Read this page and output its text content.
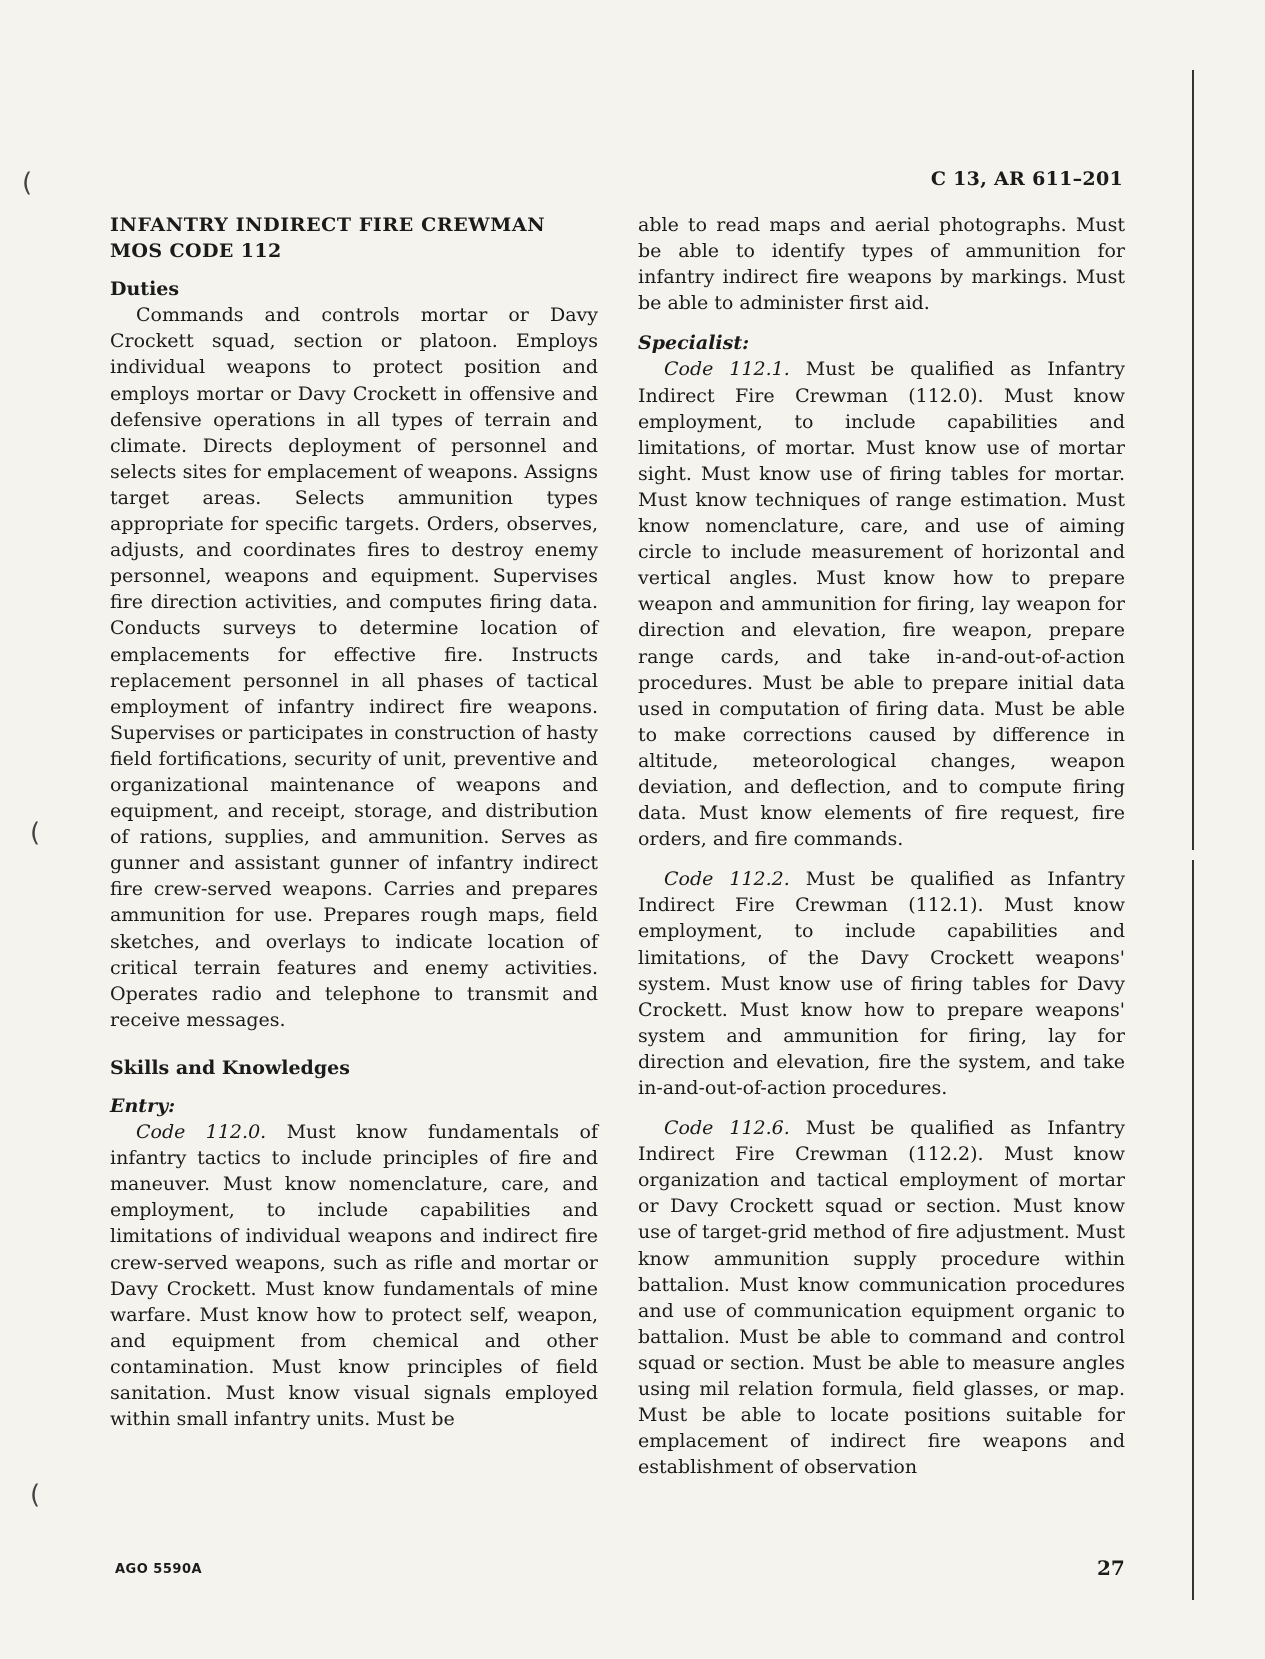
C 13, AR 611–201

INFANTRY INDIRECT FIRE CREWMAN

MOS CODE 112

Duties

Commands and controls mortar or Davy Crockett squad, section or platoon. Employs individual weapons to protect position and employs mortar or Davy Crockett in offensive and defensive operations in all types of terrain and climate. Directs deployment of personnel and selects sites for emplacement of weapons. Assigns target areas. Selects ammunition types appropriate for specific targets. Orders, observes, adjusts, and coordinates fires to destroy enemy personnel, weapons and equipment. Supervises fire direction activities, and computes firing data. Conducts surveys to determine location of emplacements for effective fire. Instructs replacement personnel in all phases of tactical employment of infantry indirect fire weapons. Supervises or participates in construction of hasty field fortifications, security of unit, preventive and organizational maintenance of weapons and equipment, and receipt, storage, and distribution of rations, supplies, and ammunition. Serves as gunner and assistant gunner of infantry indirect fire crew-served weapons. Carries and prepares ammunition for use. Prepares rough maps, field sketches, and overlays to indicate location of critical terrain features and enemy activities. Operates radio and telephone to transmit and receive messages.

Skills and Knowledges

Entry:

Code 112.0. Must know fundamentals of infantry tactics to include principles of fire and maneuver. Must know nomenclature, care, and employment, to include capabilities and limitations of individual weapons and indirect fire crew-served weapons, such as rifle and mortar or Davy Crockett. Must know fundamentals of mine warfare. Must know how to protect self, weapon, and equipment from chemical and other contamination. Must know principles of field sanitation. Must know visual signals employed within small infantry units. Must be

able to read maps and aerial photographs. Must be able to identify types of ammunition for infantry indirect fire weapons by markings. Must be able to administer first aid.

Specialist:

Code 112.1. Must be qualified as Infantry Indirect Fire Crewman (112.0). Must know employment, to include capabilities and limitations, of mortar. Must know use of mortar sight. Must know use of firing tables for mortar. Must know techniques of range estimation. Must know nomenclature, care, and use of aiming circle to include measurement of horizontal and vertical angles. Must know how to prepare weapon and ammunition for firing, lay weapon for direction and elevation, fire weapon, prepare range cards, and take in-and-out-of-action procedures. Must be able to prepare initial data used in computation of firing data. Must be able to make corrections caused by difference in altitude, meteorological changes, weapon deviation, and deflection, and to compute firing data. Must know elements of fire request, fire orders, and fire commands.

Code 112.2. Must be qualified as Infantry Indirect Fire Crewman (112.1). Must know employment, to include capabilities and limitations, of the Davy Crockett weapons' system. Must know use of firing tables for Davy Crockett. Must know how to prepare weapons' system and ammunition for firing, lay for direction and elevation, fire the system, and take in-and-out-of-action procedures.

Code 112.6. Must be qualified as Infantry Indirect Fire Crewman (112.2). Must know organization and tactical employment of mortar or Davy Crockett squad or section. Must know use of target-grid method of fire adjustment. Must know ammunition supply procedure within battalion. Must know communication procedures and use of communication equipment organic to battalion. Must be able to command and control squad or section. Must be able to measure angles using mil relation formula, field glasses, or map. Must be able to locate positions suitable for emplacement of indirect fire weapons and establishment of observation

AGO 5590A	27
(
(
(
